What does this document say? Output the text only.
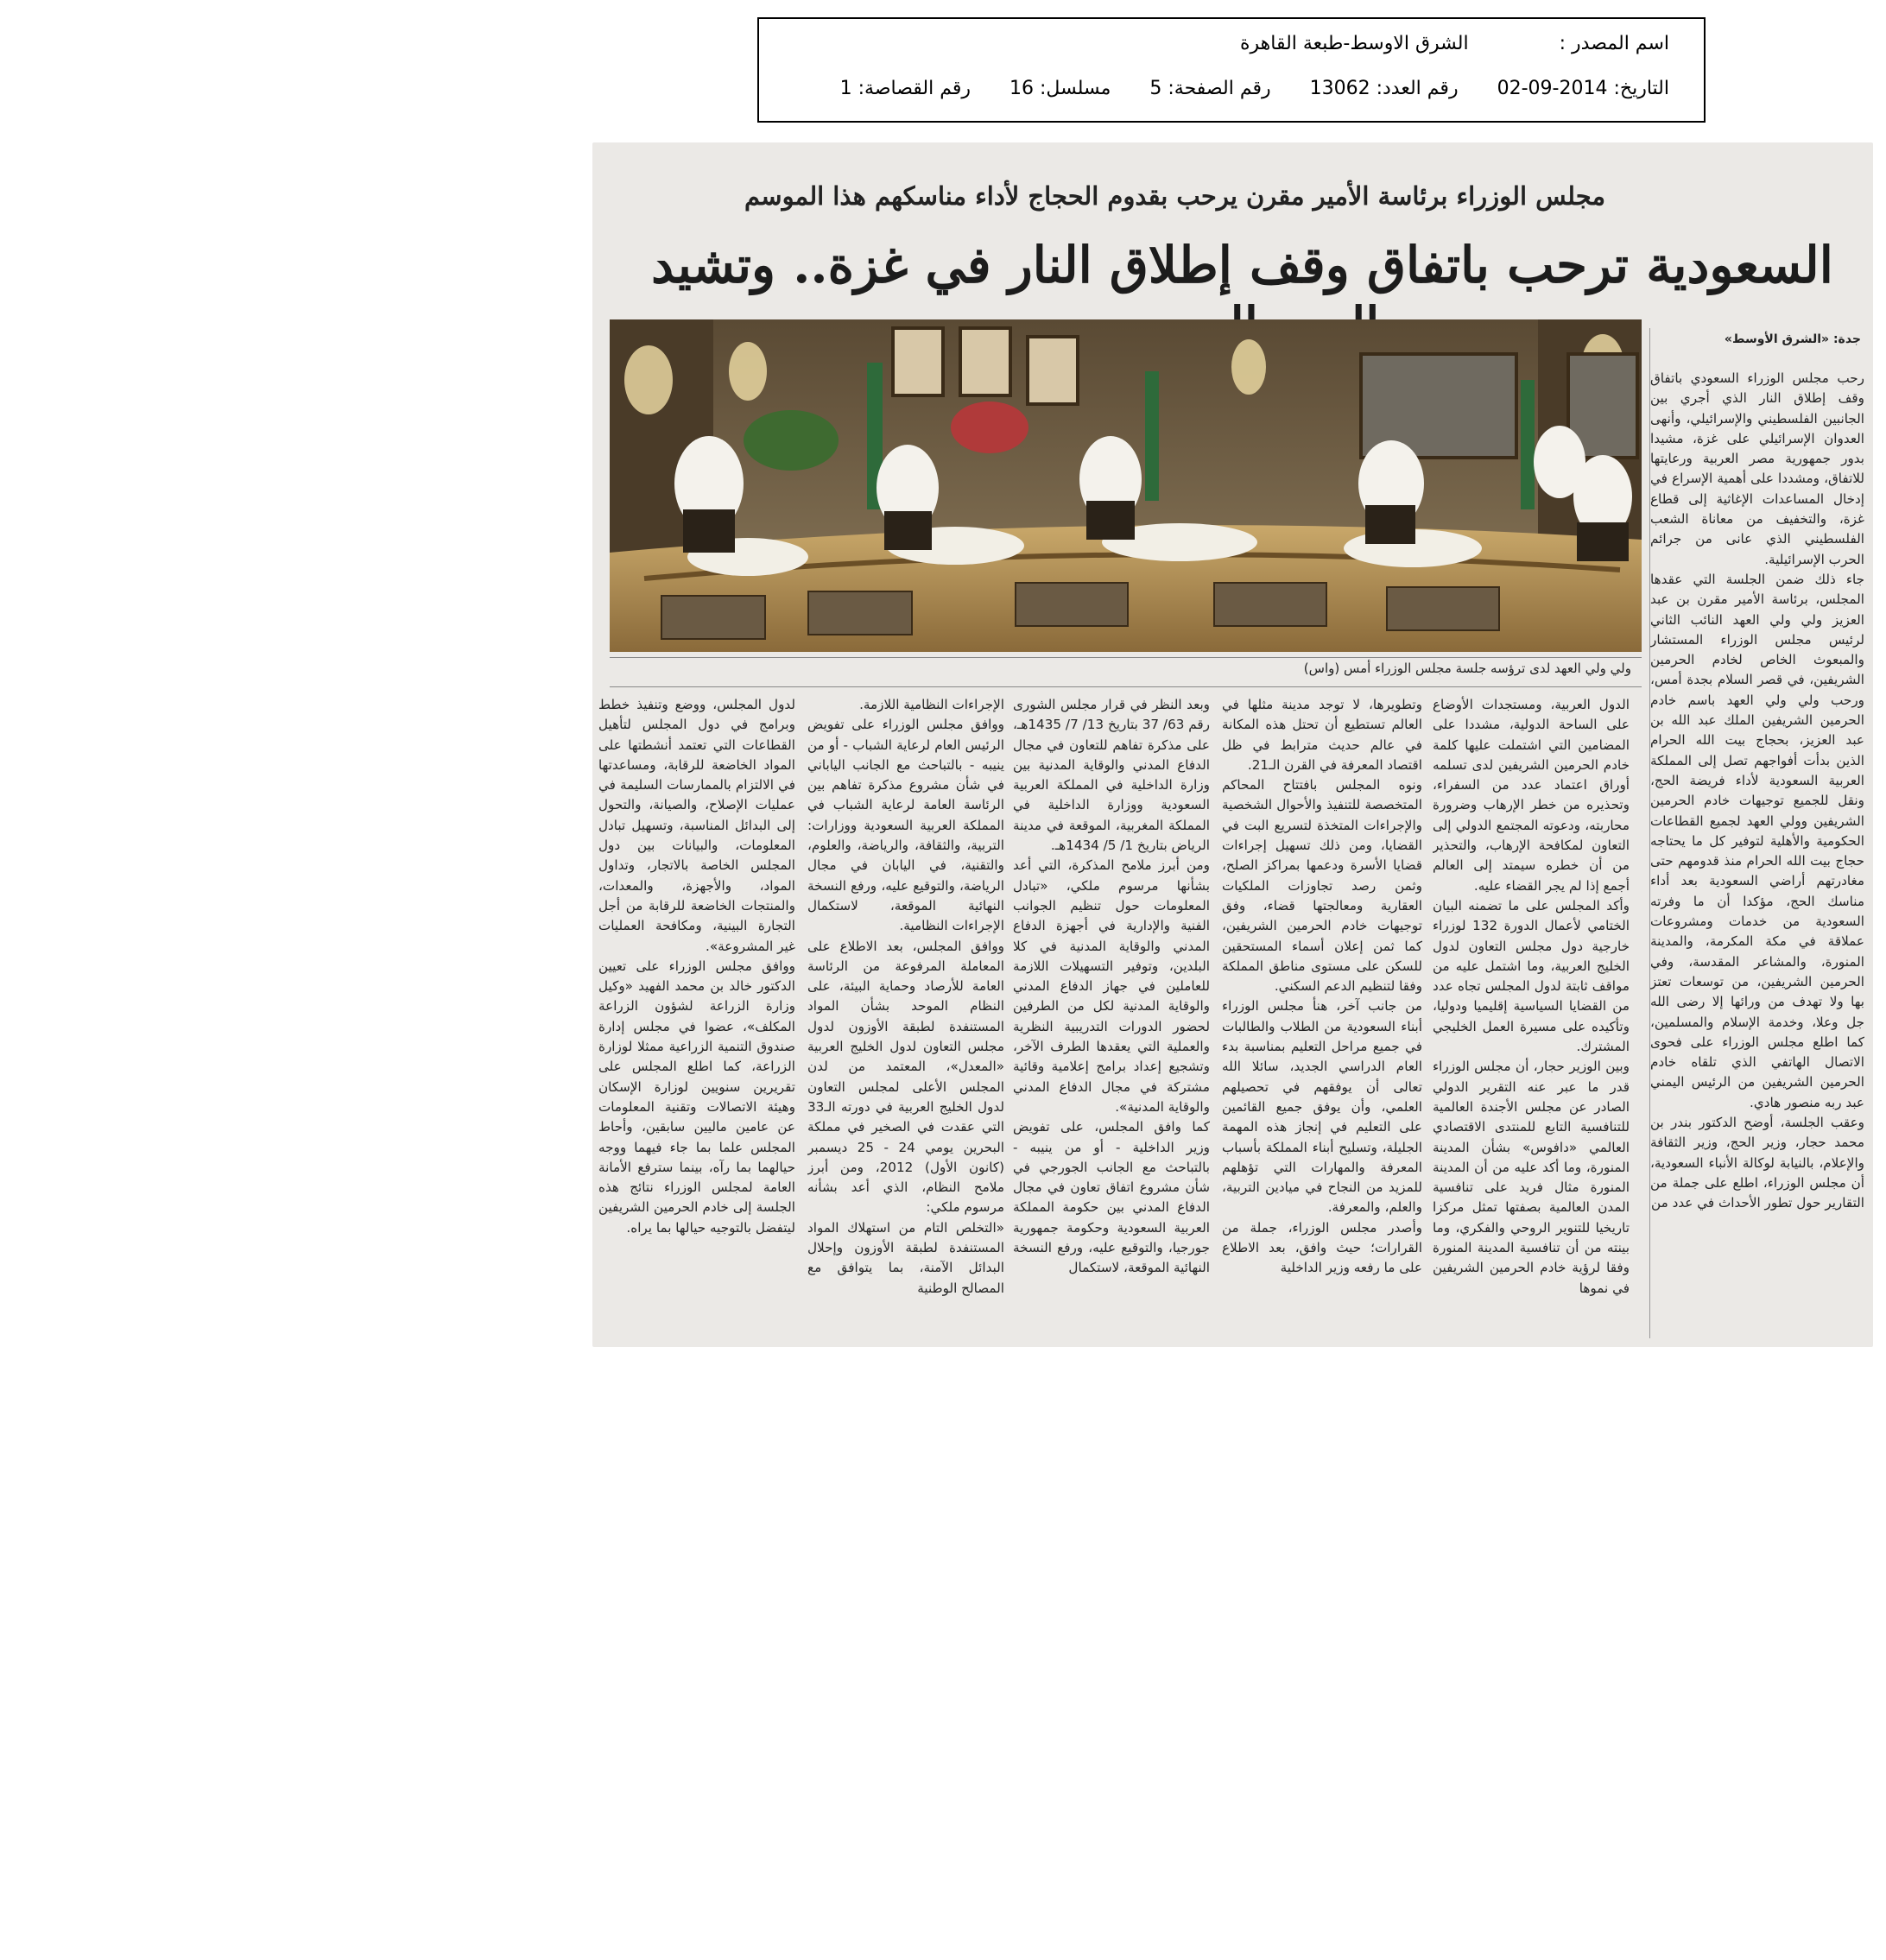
اسم المصدر : الشرق الاوسط-طبعة القاهرة
التاريخ: 2014-09-02 رقم العدد: 13062 رقم الصفحة: 5 مسلسل: 16 رقم القصاصة: 1
مجلس الوزراء برئاسة الأمير مقرن يرحب بقدوم الحجاج لأداء مناسكهم هذا الموسم
السعودية ترحب باتفاق وقف إطلاق النار في غزة.. وتشيد
جدة: «الشرق الأوسط»
ولي ولي العهد لدى ترؤسه جلسة مجلس الوزراء أمس (واس)
رحب مجلس الوزراء السعودي باتفاق وقف إطلاق النار الذي أجري بين الجانبين الفلسطيني والإسرائيلي، وأنهى العدوان الإسرائيلي على غزة، مشيدا بدور جمهورية مصر العربية ورعايتها للاتفاق، ومشددا على أهمية الإسراع في إدخال المساعدات الإغاثية إلى قطاع غزة، والتخفيف من معاناة الشعب الفلسطيني الذي عانى من جرائم الحرب الإسرائيلية.
جاء ذلك ضمن الجلسة التي عقدها المجلس، برئاسة الأمير مقرن بن عبد العزيز ولي ولي العهد النائب الثاني لرئيس مجلس الوزراء المستشار والمبعوث الخاص لخادم الحرمين الشريفين، في قصر السلام بجدة أمس، ورحب ولي ولي العهد باسم خادم الحرمين الشريفين الملك عبد الله بن عبد العزيز، بحجاج بيت الله الحرام الذين بدأت أفواجهم تصل إلى المملكة العربية السعودية لأداء فريضة الحج، ونقل للجميع توجيهات خادم الحرمين الشريفين وولي العهد لجميع القطاعات الحكومية والأهلية لتوفير كل ما يحتاجه حجاج بيت الله الحرام منذ قدومهم حتى مغادرتهم أراضي السعودية بعد أداء مناسك الحج، مؤكدا أن ما وفرته السعودية من خدمات ومشروعات عملاقة في مكة المكرمة، والمدينة المنورة، والمشاعر المقدسة، وفي الحرمين الشريفين، من توسعات تعتز بها ولا تهدف من ورائها إلا رضى الله جل وعلا، وخدمة الإسلام والمسلمين، كما اطلع مجلس الوزراء على فحوى الاتصال الهاتفي الذي تلقاه خادم الحرمين الشريفين من الرئيس اليمني عبد ربه منصور هادي.
وعقب الجلسة، أوضح الدكتور بندر بن محمد حجار، وزير الحج، وزير الثقافة والإعلام، بالنيابة لوكالة الأنباء السعودية، أن مجلس الوزراء، اطلع على جملة من التقارير حول تطور الأحداث في عدد من
الدول العربية، ومستجدات الأوضاع على الساحة الدولية، مشددا على المضامين التي اشتملت عليها كلمة خادم الحرمين الشريفين لدى تسلمه أوراق اعتماد عدد من السفراء، وتحذيره من خطر الإرهاب وضرورة محاربته، ودعوته المجتمع الدولي إلى التعاون لمكافحة الإرهاب، والتحذير من أن خطره سيمتد إلى العالم أجمع إذا لم يجر القضاء عليه.
وأكد المجلس على ما تضمنه البيان الختامي لأعمال الدورة 132 لوزراء خارجية دول مجلس التعاون لدول الخليج العربية، وما اشتمل عليه من مواقف ثابتة لدول المجلس تجاه عدد من القضايا السياسية إقليميا ودوليا، وتأكيده على مسيرة العمل الخليجي المشترك.
وبين الوزير حجار، أن مجلس الوزراء قدر ما عبر عنه التقرير الدولي الصادر عن مجلس الأجندة العالمية للتنافسية التابع للمنتدى الاقتصادي العالمي «دافوس» بشأن المدينة المنورة، وما أكد عليه من أن المدينة المنورة مثال فريد على تنافسية المدن العالمية بصفتها تمثل مركزا تاريخيا للتنوير الروحي والفكري، وما بينته من أن تنافسية المدينة المنورة وفقا لرؤية خادم الحرمين الشريفين في نموها
وتطويرها، لا توجد مدينة مثلها في العالم تستطيع أن تحتل هذه المكانة في عالم حديث مترابط في ظل اقتصاد المعرفة في القرن الـ21.
ونوه المجلس بافتتاح المحاكم المتخصصة للتنفيذ والأحوال الشخصية والإجراءات المتخذة لتسريع البت في القضايا، ومن ذلك تسهيل إجراءات قضايا الأسرة ودعمها بمراكز الصلح، وثمن رصد تجاوزات الملكيات العقارية ومعالجتها قضاء، وفق توجيهات خادم الحرمين الشريفين، كما ثمن إعلان أسماء المستحقين للسكن على مستوى مناطق المملكة وفقا لتنظيم الدعم السكني.
من جانب آخر، هنأ مجلس الوزراء أبناء السعودية من الطلاب والطالبات في جميع مراحل التعليم بمناسبة بدء العام الدراسي الجديد، سائلا الله تعالى أن يوفقهم في تحصيلهم العلمي، وأن يوفق جميع القائمين على التعليم في إنجاز هذه المهمة الجليلة، وتسليح أبناء المملكة بأسباب المعرفة والمهارات التي تؤهلهم للمزيد من النجاح في ميادين التربية، والعلم، والمعرفة.
وأصدر مجلس الوزراء، جملة من القرارات؛ حيث وافق، بعد الاطلاع على ما رفعه وزير الداخلية
وبعد النظر في قرار مجلس الشورى رقم 63/ 37 بتاريخ 13/ 7/ 1435هـ، على مذكرة تفاهم للتعاون في مجال الدفاع المدني والوقاية المدنية بين وزارة الداخلية في المملكة العربية السعودية ووزارة الداخلية في المملكة المغربية، الموقعة في مدينة الرياض بتاريخ 1/ 5/ 1434هـ.
ومن أبرز ملامح المذكرة، التي أعد بشأنها مرسوم ملكي، «تبادل المعلومات حول تنظيم الجوانب الفنية والإدارية في أجهزة الدفاع المدني والوقاية المدنية في كلا البلدين، وتوفير التسهيلات اللازمة للعاملين في جهاز الدفاع المدني والوقاية المدنية لكل من الطرفين لحضور الدورات التدريبية النظرية والعملية التي يعقدها الطرف الآخر، وتشجيع إعداد برامج إعلامية وقائية مشتركة في مجال الدفاع المدني والوقاية المدنية».
كما وافق المجلس، على تفويض وزير الداخلية - أو من ينيبه - بالتباحث مع الجانب الجورجي في شأن مشروع اتفاق تعاون في مجال الدفاع المدني بين حكومة المملكة العربية السعودية وحكومة جمهورية جورجيا، والتوقيع عليه، ورفع النسخة النهائية الموقعة، لاستكمال
الإجراءات النظامية اللازمة.
ووافق مجلس الوزراء على تفويض الرئيس العام لرعاية الشباب - أو من ينيبه - بالتباحث مع الجانب الياباني في شأن مشروع مذكرة تفاهم بين الرئاسة العامة لرعاية الشباب في المملكة العربية السعودية ووزارات: التربية، والثقافة، والرياضة، والعلوم، والتقنية، في اليابان في مجال الرياضة، والتوقيع عليه، ورفع النسخة النهائية الموقعة، لاستكمال الإجراءات النظامية.
ووافق المجلس، بعد الاطلاع على المعاملة المرفوعة من الرئاسة العامة للأرصاد وحماية البيئة، على النظام الموحد بشأن المواد المستنفدة لطبقة الأوزون لدول مجلس التعاون لدول الخليج العربية «المعدل»، المعتمد من لدن المجلس الأعلى لمجلس التعاون لدول الخليج العربية في دورته الـ33 التي عقدت في الصخير في مملكة البحرين يومي 24 - 25 ديسمبر (كانون الأول) 2012، ومن أبرز ملامح النظام، الذي أعد بشأنه مرسوم ملكي:
«التخلص التام من استهلاك المواد المستنفدة لطبقة الأوزون وإحلال البدائل الآمنة، بما يتوافق مع المصالح الوطنية
لدول المجلس، ووضع وتنفيذ خطط وبرامج في دول المجلس لتأهيل القطاعات التي تعتمد أنشطتها على المواد الخاضعة للرقابة، ومساعدتها في الالتزام بالممارسات السليمة في عمليات الإصلاح، والصيانة، والتحول إلى البدائل المناسبة، وتسهيل تبادل المعلومات، والبيانات بين دول المجلس الخاصة بالاتجار، وتداول المواد، والأجهزة، والمعدات، والمنتجات الخاضعة للرقابة من أجل التجارة البينية، ومكافحة العمليات غير المشروعة».
ووافق مجلس الوزراء على تعيين الدكتور خالد بن محمد الفهيد «وكيل وزارة الزراعة لشؤون الزراعة المكلف»، عضوا في مجلس إدارة صندوق التنمية الزراعية ممثلا لوزارة الزراعة، كما اطلع المجلس على تقريرين سنويين لوزارة الإسكان وهيئة الاتصالات وتقنية المعلومات عن عامين ماليين سابقين، وأحاط المجلس علما بما جاء فيهما ووجه حيالهما بما رآه، بينما سترفع الأمانة العامة لمجلس الوزراء نتائج هذه الجلسة إلى خادم الحرمين الشريفين ليتفضل بالتوجيه حيالها بما يراه.
